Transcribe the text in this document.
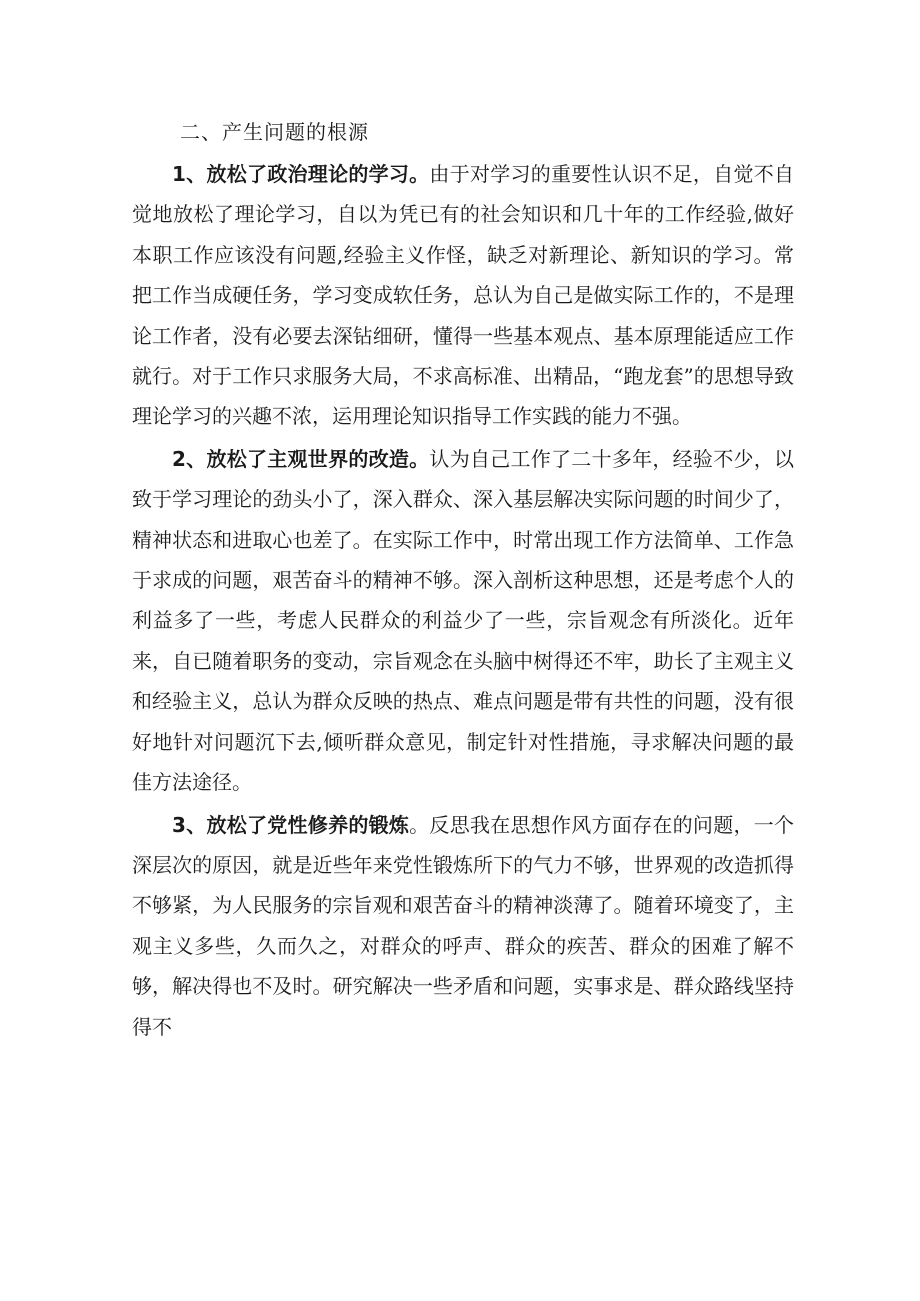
二、产生问题的根源

1、放松了政治理论的学习。由于对学习的重要性认识不足，自觉不自觉地放松了理论学习，自以为凭已有的社会知识和几十年的工作经验,做好本职工作应该没有问题,经验主义作怪，缺乏对新理论、新知识的学习。常把工作当成硬任务，学习变成软任务，总认为自己是做实际工作的，不是理论工作者，没有必要去深钻细研，懂得一些基本观点、基本原理能适应工作就行。对于工作只求服务大局，不求高标准、出精品，“跑龙套”的思想导致理论学习的兴趣不浓，运用理论知识指导工作实践的能力不强。

2、放松了主观世界的改造。认为自己工作了二十多年，经验不少，以致于学习理论的劲头小了，深入群众、深入基层解决实际问题的时间少了，精神状态和进取心也差了。在实际工作中，时常出现工作方法简单、工作急于求成的问题，艰苦奋斗的精神不够。深入剖析这种思想，还是考虑个人的利益多了一些，考虑人民群众的利益少了一些，宗旨观念有所淡化。近年来，自已随着职务的变动，宗旨观念在头脑中树得还不牢，助长了主观主义和经验主义，总认为群众反映的热点、难点问题是带有共性的问题，没有很好地针对问题沉下去,倾听群众意见，制定针对性措施，寻求解决问题的最佳方法途径。

3、放松了党性修养的锻炼。反思我在思想作风方面存在的问题，一个深层次的原因，就是近些年来党性锻炼所下的气力不够，世界观的改造抓得不够紧，为人民服务的宗旨观和艰苦奋斗的精神淡薄了。随着环境变了，主观主义多些，久而久之，对群众的呼声、群众的疾苦、群众的困难了解不够，解决得也不及时。研究解决一些矛盾和问题，实事求是、群众路线坚持得不
